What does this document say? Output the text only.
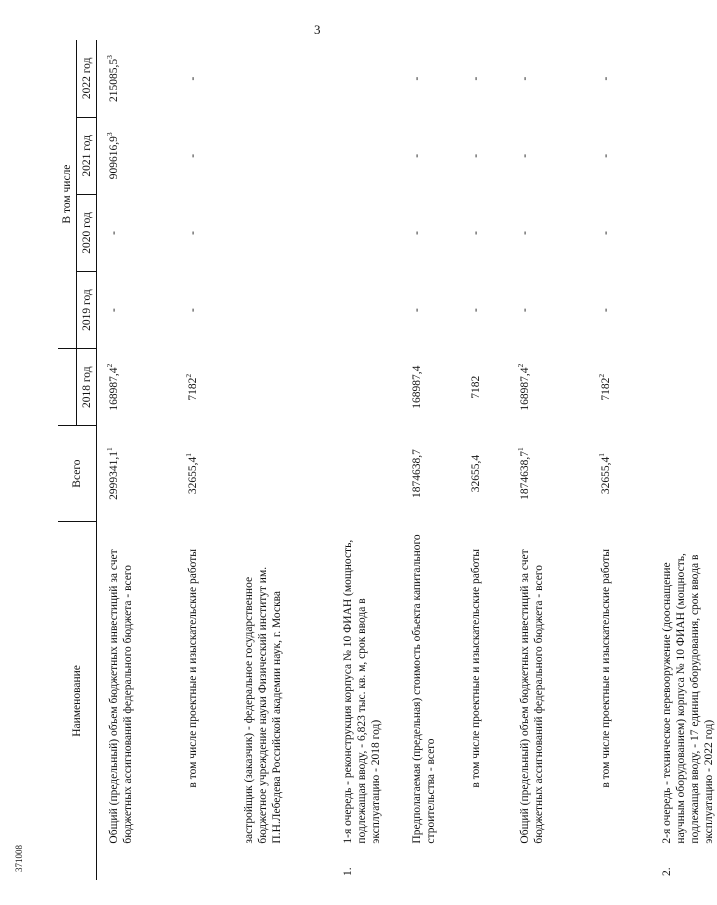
3
371008
Наименование		Всего		В том числе			
			2018 год	2019 год	2020 год	2021 год	2022 год
	Общий (предельный) объем бюджетных инвестиций за счет бюджетных ассигнований федерального бюджета - всего	2999341,1$^1$	168987,4$^2$	-	-	909616,9$^3$	215085,5$^3$
	в том числе проектные и изыскательские работы	32655,4$^1$	7182$^2$	-	-	-	-
	застройщик (заказчик) - федеральное государственное бюджетное учреждение науки Физический институт им. П.Н.Лебедева Российской академии наук, г. Москва						
1.	1-я очередь - реконструкция корпуса № 10 ФИАН (мощность, подлежащая вводу, - 6,823 тыс. кв. м, срок ввода в эксплуатацию - 2018 год)						
	Предполагаемая (предельная) стоимость объекта капитального строительства - всего	1874638,7	168987,4	-	-	-	-
	в том числе проектные и изыскательские работы	32655,4	7182	-	-	-	-
	Общий (предельный) объем бюджетных инвестиций за счет бюджетных ассигнований федерального бюджета - всего	1874638,7$^1$	168987,4$^2$	-	-	-	-
	в том числе проектные и изыскательские работы	32655,4$^1$	7182$^2$	-	-	-	-
2.	2-я очередь - техническое перевооружение (дооснащение научным оборудованием) корпуса № 10 ФИАН (мощность, подлежащая вводу, - 17 единиц оборудования, срок ввода в эксплуатацию - 2022 год)						
